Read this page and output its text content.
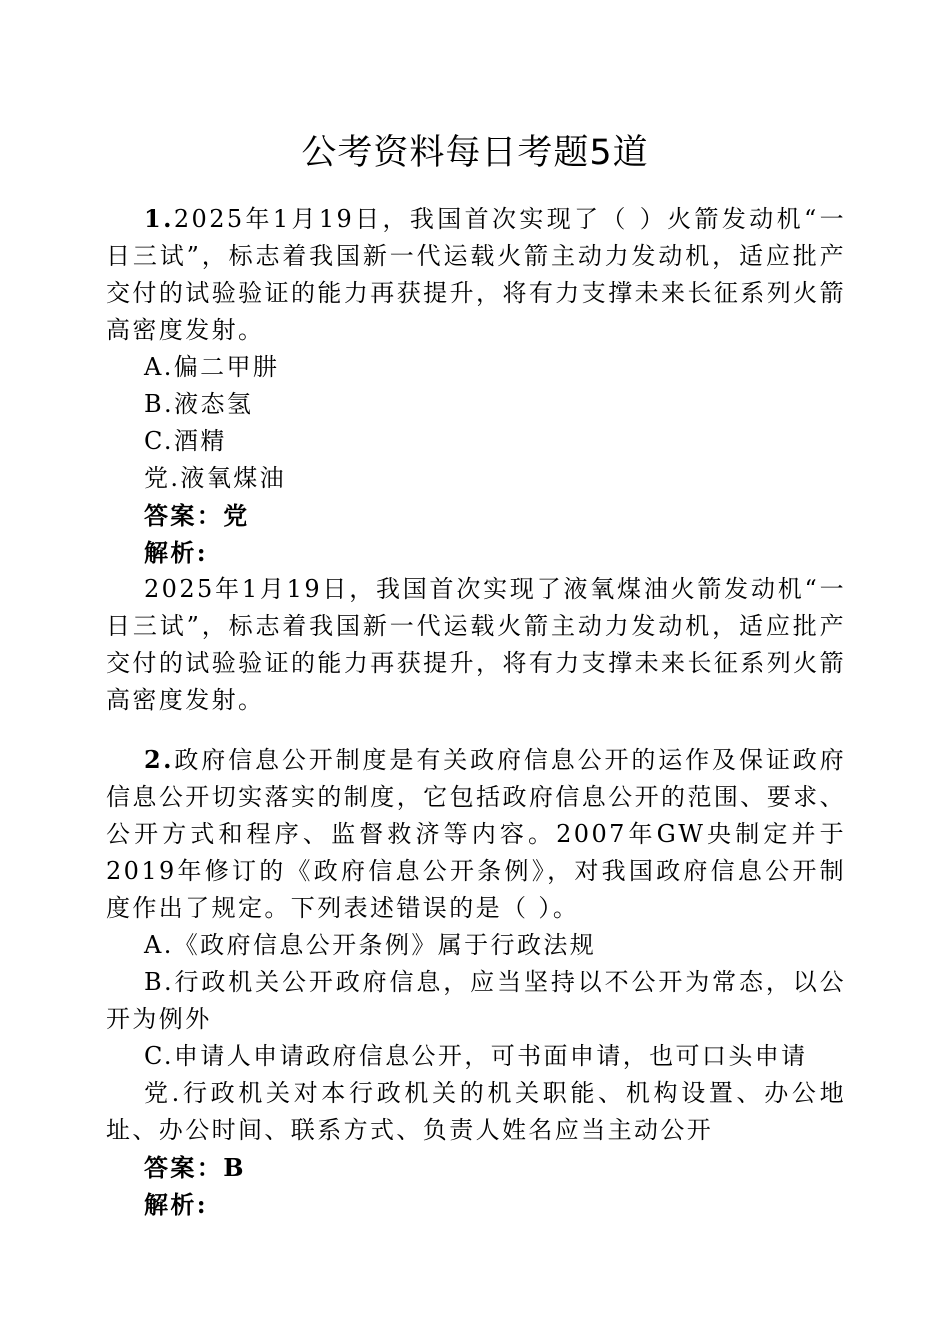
公考资料每日考题5道

1.2025年1月19日，我国首次实现了（ ）火箭发动机“一日三试”，标志着我国新一代运载火箭主动力发动机，适应批产交付的试验验证的能力再获提升，将有力支撑未来长征系列火箭高密度发射。

A.偏二甲肼

B.液态氢

C.酒精

党.液氧煤油

答案：党

解析:

2025年1月19日，我国首次实现了液氧煤油火箭发动机“一日三试”，标志着我国新一代运载火箭主动力发动机，适应批产交付的试验验证的能力再获提升，将有力支撑未来长征系列火箭高密度发射。

2.政府信息公开制度是有关政府信息公开的运作及保证政府信息公开切实落实的制度，它包括政府信息公开的范围、要求、公开方式和程序、监督救济等内容。2007年GW央制定并于2019年修订的《政府信息公开条例》，对我国政府信息公开制度作出了规定。下列表述错误的是（ ）。

A.《政府信息公开条例》属于行政法规

B.行政机关公开政府信息，应当坚持以不公开为常态，以公开为例外

C.申请人申请政府信息公开，可书面申请，也可口头申请

党.行政机关对本行政机关的机关职能、机构设置、办公地址、办公时间、联系方式、负责人姓名应当主动公开

答案：B

解析:
